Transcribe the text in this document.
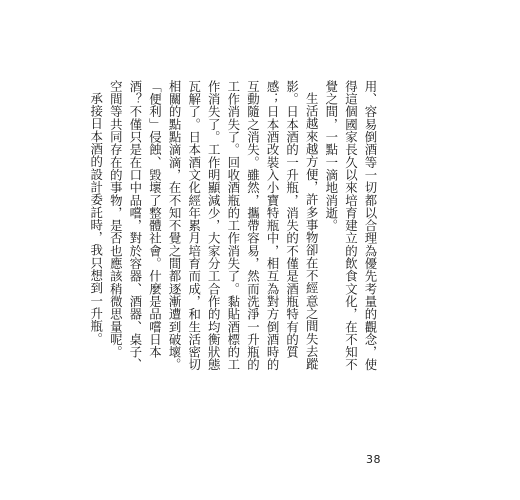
用、容易倒酒等一切都以合理為優先考量的觀念，使得這個國家長久以來培育建立的飲食文化，在不知不覺之間，一點一滴地消逝。

生活越來越方便，許多事物卻在不經意之間失去蹤影。日本酒的一升瓶，消失的不僅是酒瓶特有的質感；日本酒改裝入小寶特瓶中，相互為對方倒酒時的互動隨之消失。雖然，攜帶容易，然而洗淨一升瓶的工作消失了。回收酒瓶的工作消失了。黏貼酒標的工作消失了。工作明顯減少，大家分工合作的均衡狀態瓦解了。日本酒文化經年累月培育而成，和生活密切相關的點點滴滴，在不知不覺之間都逐漸遭到破壞。「便利」侵蝕、毀壞了整體社會。什麼是品嚐日本酒？不僅只是在口中品嚐，對於容器、酒器、桌子、空間等共同存在的事物，是否也應該稍微思量呢。

承接日本酒的設計委託時，我只想到一升瓶。

38
